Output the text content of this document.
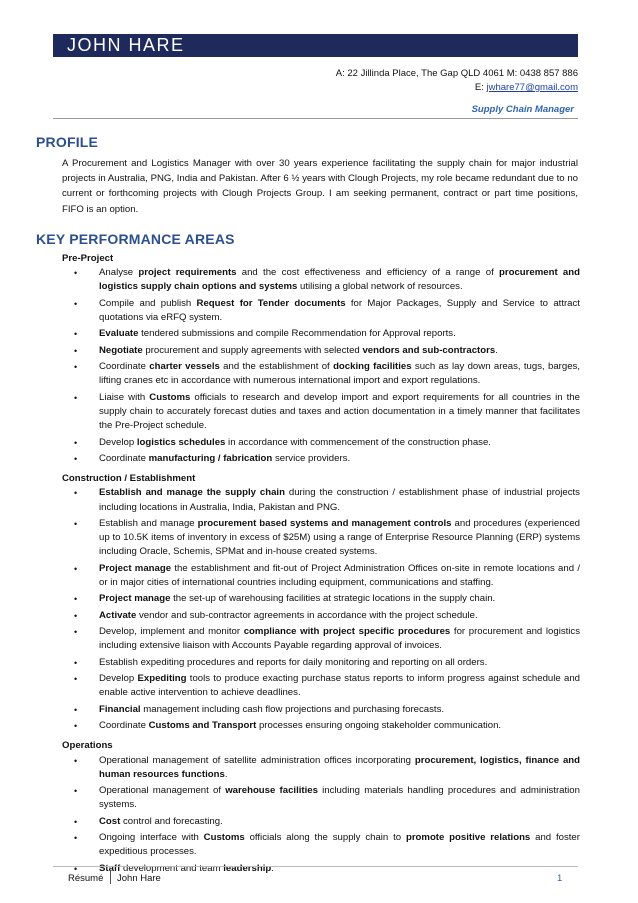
JOHN HARE
A: 22 Jillinda Place, The Gap QLD 4061 M: 0438 857 886
E: jwhare77@gmail.com
Supply Chain Manager
PROFILE
A Procurement and Logistics Manager with over 30 years experience facilitating the supply chain for major industrial projects in Australia, PNG, India and Pakistan. After 6 ½ years with Clough Projects, my role became redundant due to no current or forthcoming projects with Clough Projects Group. I am seeking permanent, contract or part time positions, FIFO is an option.
KEY PERFORMANCE AREAS
Pre-Project
• Analyse project requirements and the cost effectiveness and efficiency of a range of procurement and logistics supply chain options and systems utilising a global network of resources.
• Compile and publish Request for Tender documents for Major Packages, Supply and Service to attract quotations via eRFQ system.
• Evaluate tendered submissions and compile Recommendation for Approval reports.
• Negotiate procurement and supply agreements with selected vendors and sub-contractors.
• Coordinate charter vessels and the establishment of docking facilities such as lay down areas, tugs, barges, lifting cranes etc in accordance with numerous international import and export regulations.
• Liaise with Customs officials to research and develop import and export requirements for all countries in the supply chain to accurately forecast duties and taxes and action documentation in a timely manner that facilitates the Pre-Project schedule.
• Develop logistics schedules in accordance with commencement of the construction phase.
• Coordinate manufacturing / fabrication service providers.
Construction / Establishment
• Establish and manage the supply chain during the construction / establishment phase of industrial projects including locations in Australia, India, Pakistan and PNG.
• Establish and manage procurement based systems and management controls and procedures (experienced up to 10.5K items of inventory in excess of $25M) using a range of Enterprise Resource Planning (ERP) systems including Oracle, Schemis, SPMat and in-house created systems.
• Project manage the establishment and fit-out of Project Administration Offices on-site in remote locations and / or in major cities of international countries including equipment, communications and staffing.
• Project manage the set-up of warehousing facilities at strategic locations in the supply chain.
• Activate vendor and sub-contractor agreements in accordance with the project schedule.
• Develop, implement and monitor compliance with project specific procedures for procurement and logistics including extensive liaison with Accounts Payable regarding approval of invoices.
• Establish expediting procedures and reports for daily monitoring and reporting on all orders.
• Develop Expediting tools to produce exacting purchase status reports to inform progress against schedule and enable active intervention to achieve deadlines.
• Financial management including cash flow projections and purchasing forecasts.
• Coordinate Customs and Transport processes ensuring ongoing stakeholder communication.
Operations
• Operational management of satellite administration offices incorporating procurement, logistics, finance and human resources functions.
• Operational management of warehouse facilities including materials handling procedures and administration systems.
• Cost control and forecasting.
• Ongoing interface with Customs officials along the supply chain to promote positive relations and foster expeditious processes.
• Staff development and team leadership.
Résumé John Hare	1
